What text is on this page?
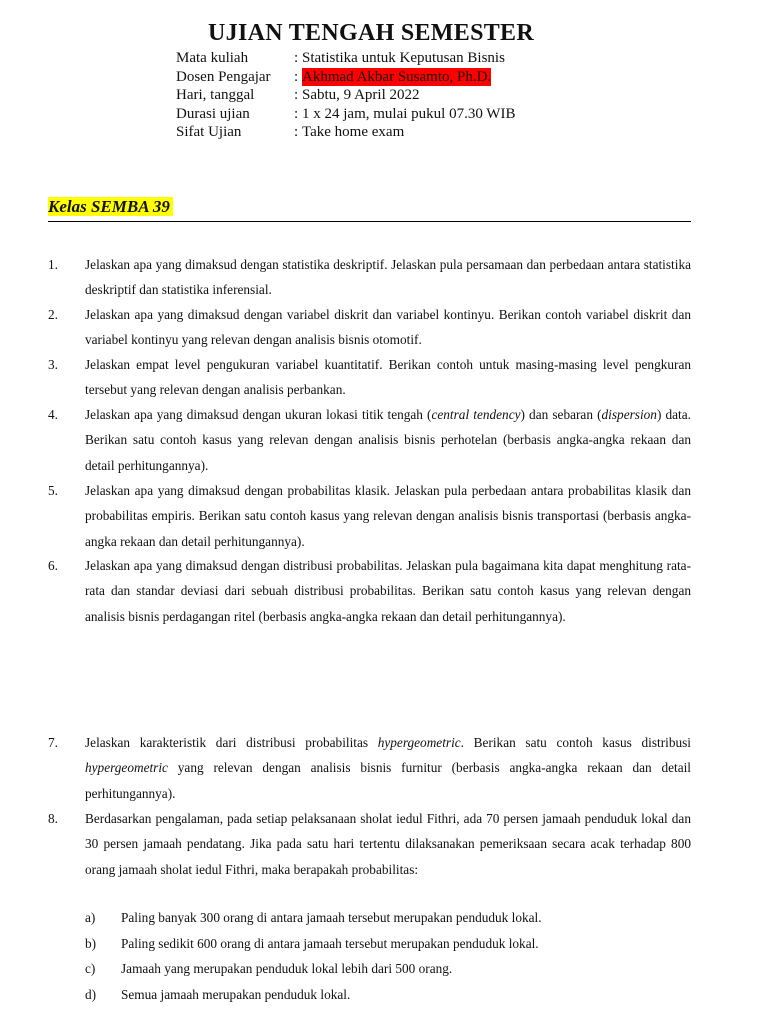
UJIAN TENGAH SEMESTER
Mata kuliah	: Statistika untuk Keputusan Bisnis
Dosen Pengajar	: Akhmad Akbar Susamto, Ph.D.
Hari, tanggal	: Sabtu, 9 April 2022
Durasi ujian	: 1 x 24 jam, mulai pukul 07.30 WIB
Sifat Ujian	: Take home exam
Kelas SEMBA 39
1. Jelaskan apa yang dimaksud dengan statistika deskriptif. Jelaskan pula persamaan dan perbedaan antara statistika deskriptif dan statistika inferensial.
2. Jelaskan apa yang dimaksud dengan variabel diskrit dan variabel kontinyu. Berikan contoh variabel diskrit dan variabel kontinyu yang relevan dengan analisis bisnis otomotif.
3. Jelaskan empat level pengukuran variabel kuantitatif. Berikan contoh untuk masing-masing level pengkuran tersebut yang relevan dengan analisis perbankan.
4. Jelaskan apa yang dimaksud dengan ukuran lokasi titik tengah (central tendency) dan sebaran (dispersion) data. Berikan satu contoh kasus yang relevan dengan analisis bisnis perhotelan (berbasis angka-angka rekaan dan detail perhitungannya).
5. Jelaskan apa yang dimaksud dengan probabilitas klasik. Jelaskan pula perbedaan antara probabilitas klasik dan probabilitas empiris. Berikan satu contoh kasus yang relevan dengan analisis bisnis transportasi (berbasis angka-angka rekaan dan detail perhitungannya).
6. Jelaskan apa yang dimaksud dengan distribusi probabilitas. Jelaskan pula bagaimana kita dapat menghitung rata-rata dan standar deviasi dari sebuah distribusi probabilitas. Berikan satu contoh kasus yang relevan dengan analisis bisnis perdagangan ritel (berbasis angka-angka rekaan dan detail perhitungannya).
7. Jelaskan karakteristik dari distribusi probabilitas hypergeometric. Berikan satu contoh kasus distribusi hypergeometric yang relevan dengan analisis bisnis furnitur (berbasis angka-angka rekaan dan detail perhitungannya).
8. Berdasarkan pengalaman, pada setiap pelaksanaan sholat iedul Fithri, ada 70 persen jamaah penduduk lokal dan 30 persen jamaah pendatang. Jika pada satu hari tertentu dilaksanakan pemeriksaan secara acak terhadap 800 orang jamaah sholat iedul Fithri, maka berapakah probabilitas:
a) Paling banyak 300 orang di antara jamaah tersebut merupakan penduduk lokal.
b) Paling sedikit 600 orang di antara jamaah tersebut merupakan penduduk lokal.
c) Jamaah yang merupakan penduduk lokal lebih dari 500 orang.
d) Semua jamaah merupakan penduduk lokal.
